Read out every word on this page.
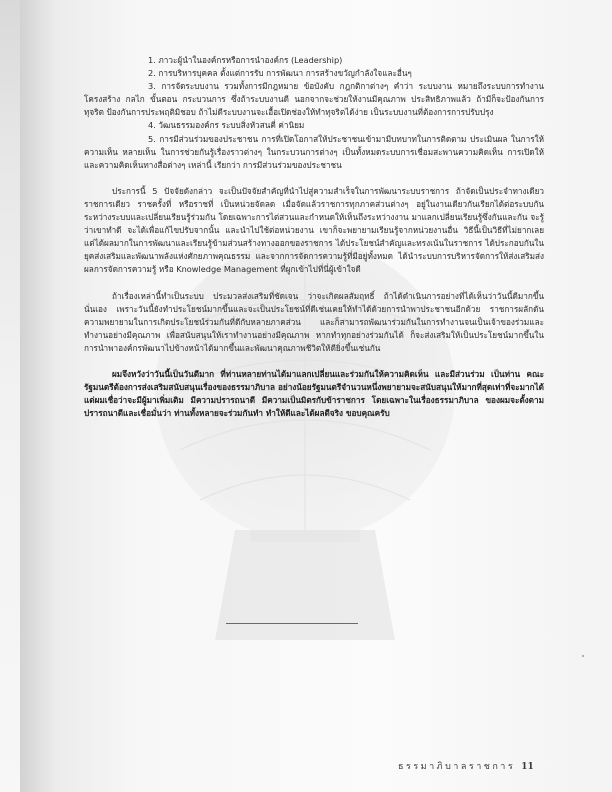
1. ภาวะผู้นำในองค์กรหรือการนำองค์กร (Leadership)

2. การบริหารบุคคล ตั้งแต่การรับ การพัฒนา การสร้างขวัญกำลังใจและอื่นๆ

3. การจัดระบบงาน รวมทั้งการมีกฎหมาย ข้อบังคับ กฎกติกาต่างๆ คำว่า ระบบงาน หมายถึงระบบการทำงาน โครงสร้าง กลไก ขั้นตอน กระบวนการ ซึ่งถ้าระบบงานดี นอกจากจะช่วยให้งานมีคุณภาพ ประสิทธิภาพแล้ว ถ้ามีก็จะป้องกันการทุจริต ป้องกันการประพฤติมิชอบ ถ้าไม่ดีระบบงานจะเอื้อเปิดช่องให้ทำทุจริตได้ง่าย เป็นระบบงานที่ต้องการการปรับปรุง

4. วัฒนธรรมองค์กร ระบบสิ่งหัวสนคี่ ค่านิยม

5. การมีส่วนร่วมของประชาชน การที่เปิดโอกาสให้ประชาชนเข้ามามีบทบาทในการติดตาม ประเมินผล ในการให้ความเห็น หลายเห็น ในการช่วยกันรู้เรื่องราวต่างๆ ในกระบวนการต่างๆ เป็นทั้งหมดระบบการเชื่อมสะพานความคิดเห็น การเปิดให้และความคิดเห็นทางสื่อต่างๆ เหล่านี้ เรียกว่า การมีส่วนร่วมของประชาชน

ประการนี้ 5 ปัจจัยดังกล่าว จะเป็นปัจจัยสำคัญที่นำไปสู่ความสำเร็จในการพัฒนาระบบราชการ ถ้าจัดเป็นประจำทางเดียว ราชการเดียว ราชครั้งที่ หรือราชที่ เป็นหน่วยจัดลด เมื่อจัดแล้วราชการทุกภาคส่วนต่างๆ อยู่ในงานเดียวกันเรียกได้ต่อระบบกัน ระหว่างระบบและเปลี่ยนเรียนรู้ร่วมกัน โดยเฉพาะการไต่สวนและกำหนดให้เห็นถึงระหว่างงาน มาแลกเปลี่ยนเรียนรู้ซึ่งกันและกัน จะรู้ว่าเขาทำดี จะได้เพื่อแก้ไขปรับจากนั้น และนำไปใช้ต่อหน่วยงาน เขาก็จะพยายามเรียนรู้จากหน่วยงานอื่น วิธีนี้เป็นวิธีที่ไม่ยากเลย แต่ได้ผลมากในการพัฒนาและเรียนรู้ข้ามส่วนสร้างทางออกของราชการ ได้ประโยชน์สำคัญและทรงเน้นในราชการ ได้ประกอบกันในยุคส่งเสริมและพัฒนาพลังแห่งศักยภาพคุณธรรม และจากการจัดการความรู้ที่มีอยู่ทั้งหมด ได้นำระบบการบริหารจัดการให้ส่งเสริมส่งผลการจัดการความรู้ หรือ Knowledge Management ที่ผูกเข้าไปที่นี่ผู้เข้าใจดี

ถ้าเรื่องเหล่านี้ทำเป็นระบบ ประมวลส่งเสริมที่ชัดเจน ว่าจะเกิดผลสัมฤทธิ์ ถ้าได้ดำเนินการอย่างที่ได้เห็นว่าวันนี้ดีมากขึ้นนั่นเอง เพราะวันนี้ยังทำประโยชน์มากขึ้นและจะเป็นประโยชน์ที่ดีเช่นเคยให้ทำได้ด้วยการนำพาประชาชนอีกด้วย ราชการผลักดันความพยายามในการเกิดประโยชน์ร่วมกันที่ดีกับหลายภาคส่วน และก็สามารถพัฒนาร่วมกันในการทำงานจนเป็นเจ้าของร่วมและทำงานอย่างมีคุณภาพ เพื่อสนับสนุนให้เราทำงานอย่างมีคุณภาพ หากทำทุกอย่างร่วมกันได้ ก็จะส่งเสริมให้เป็นประโยชน์มากขึ้นในการนำพาองค์กรพัฒนาไปข้างหน้าได้มากขึ้นและพัฒนาคุณภาพชีวิตให้ดียิ่งขึ้นเช่นกัน

ผมจึงหวังว่าวันนี้เป็นวันดีมาก ที่ท่านหลายท่านได้มาแลกเปลี่ยนและร่วมกันให้ความคิดเห็น และมีส่วนร่วม เป็นท่าน คณะรัฐมนตรีต้องการส่งเสริมสนับสนุนเรื่องของธรรมาภิบาล อย่างน้อยรัฐมนตรีจำนวนหนึ่งพยายามจะสนับสนุนให้มากที่สุดเท่าที่จะมากได้ แต่ผมเชื่อว่าจะมีผู้มาเพิ่มเติม มีความปรารถนาดี มีความเป็นมิตรกับข้าราชการ โดยเฉพาะในเรื่องธรรมาภิบาล ของผมจะตั้งตามปรารถนาดีและเชื่อมั่นว่า ท่านทั้งหลายจะร่วมกันทำ ทำให้ดีและได้ผลดีจริง ขอบคุณครับ

ธรรมาภิบาลราชการ 11
